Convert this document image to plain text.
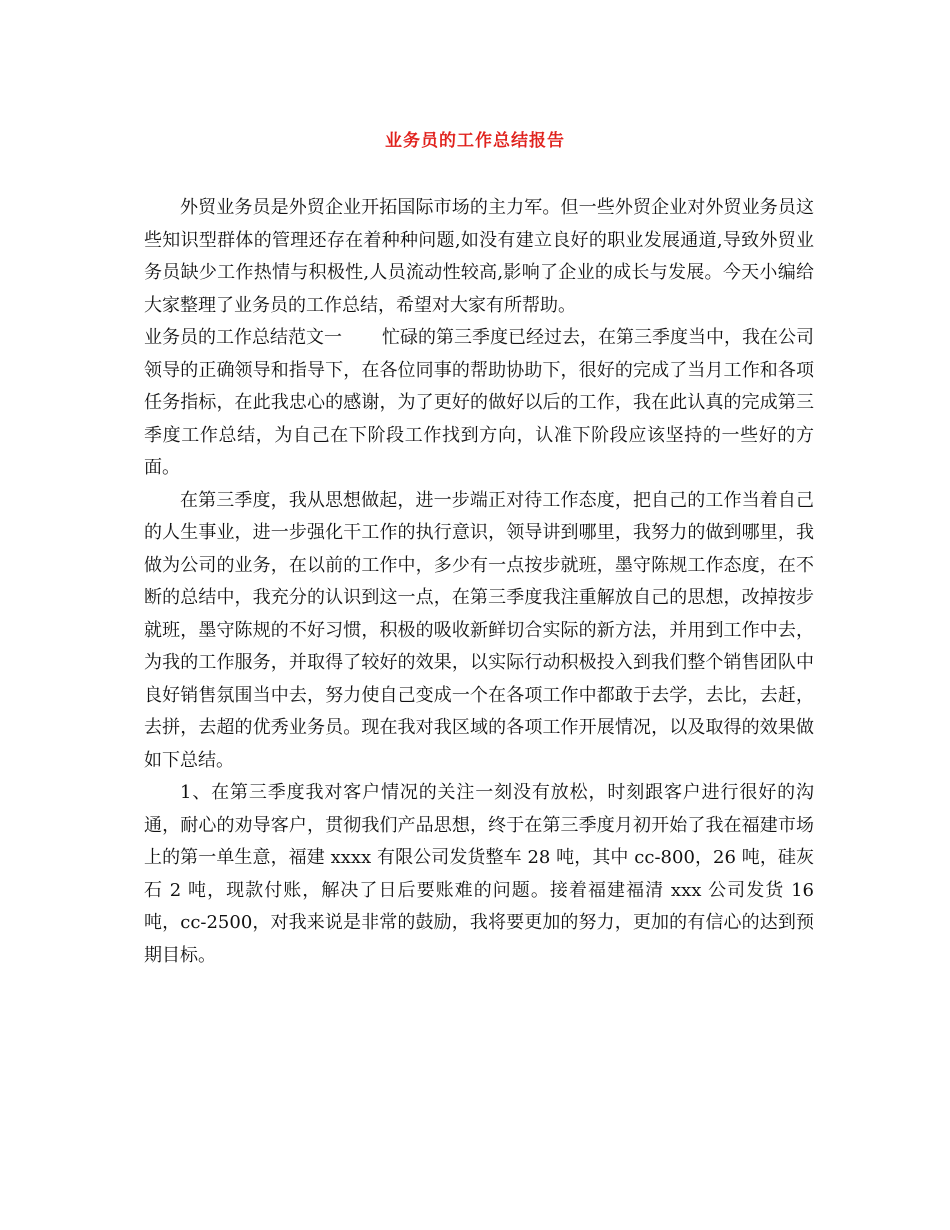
业务员的工作总结报告

外贸业务员是外贸企业开拓国际市场的主力军。但一些外贸企业对外贸业务员这些知识型群体的管理还存在着种种问题,如没有建立良好的职业发展通道,导致外贸业务员缺少工作热情与积极性,人员流动性较高,影响了企业的成长与发展。今天小编给大家整理了业务员的工作总结，希望对大家有所帮助。

业务员的工作总结范文一 忙碌的第三季度已经过去，在第三季度当中，我在公司领导的正确领导和指导下，在各位同事的帮助协助下，很好的完成了当月工作和各项任务指标，在此我忠心的感谢，为了更好的做好以后的工作，我在此认真的完成第三季度工作总结，为自己在下阶段工作找到方向，认准下阶段应该坚持的一些好的方面。

在第三季度，我从思想做起，进一步端正对待工作态度，把自己的工作当着自己的人生事业，进一步强化干工作的执行意识，领导讲到哪里，我努力的做到哪里，我做为公司的业务，在以前的工作中，多少有一点按步就班，墨守陈规工作态度，在不断的总结中，我充分的认识到这一点，在第三季度我注重解放自己的思想，改掉按步就班，墨守陈规的不好习惯，积极的吸收新鲜切合实际的新方法，并用到工作中去，为我的工作服务，并取得了较好的效果，以实际行动积极投入到我们整个销售团队中良好销售氛围当中去，努力使自己变成一个在各项工作中都敢于去学，去比，去赶，去拼，去超的优秀业务员。现在我对我区域的各项工作开展情况，以及取得的效果做如下总结。

1、在第三季度我对客户情况的关注一刻没有放松，时刻跟客户进行很好的沟通，耐心的劝导客户，贯彻我们产品思想，终于在第三季度月初开始了我在福建市场上的第一单生意，福建 xxxx 有限公司发货整车 28 吨，其中 cc-800，26 吨，硅灰石 2 吨，现款付账，解决了日后要账难的问题。接着福建福清 xxx 公司发货 16 吨，cc-2500，对我来说是非常的鼓励，我将要更加的努力，更加的有信心的达到预期目标。
